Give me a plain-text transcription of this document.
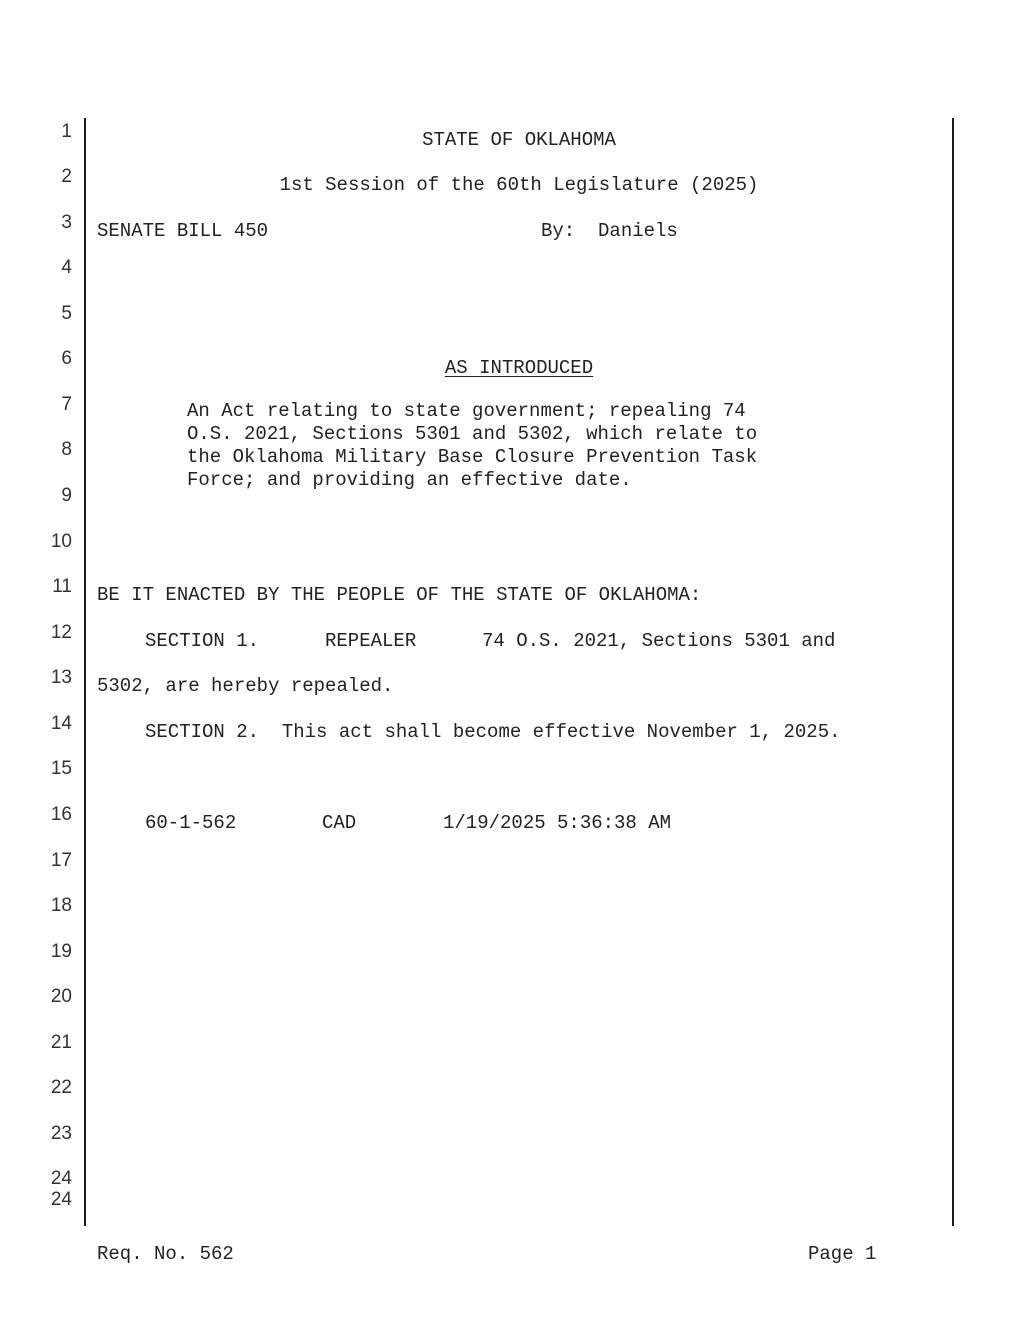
1
2
3
4
5
6
7
8
9
10
11
12
13
14
15
16
17
18
19
20
21
22
23
24
24
STATE OF OKLAHOMA
1st Session of the 60th Legislature (2025)
SENATE BILL 450	By:  Daniels
AS INTRODUCED
An Act relating to state government; repealing 74
O.S. 2021, Sections 5301 and 5302, which relate to
the Oklahoma Military Base Closure Prevention Task
Force; and providing an effective date.
BE IT ENACTED BY THE PEOPLE OF THE STATE OF OKLAHOMA:
SECTION 1.	REPEALER	74 O.S. 2021, Sections 5301 and
5302, are hereby repealed.
SECTION 2.  This act shall become effective November 1, 2025.
60-1-562	CAD	1/19/2025 5:36:38 AM
Req. No. 562	Page 1
